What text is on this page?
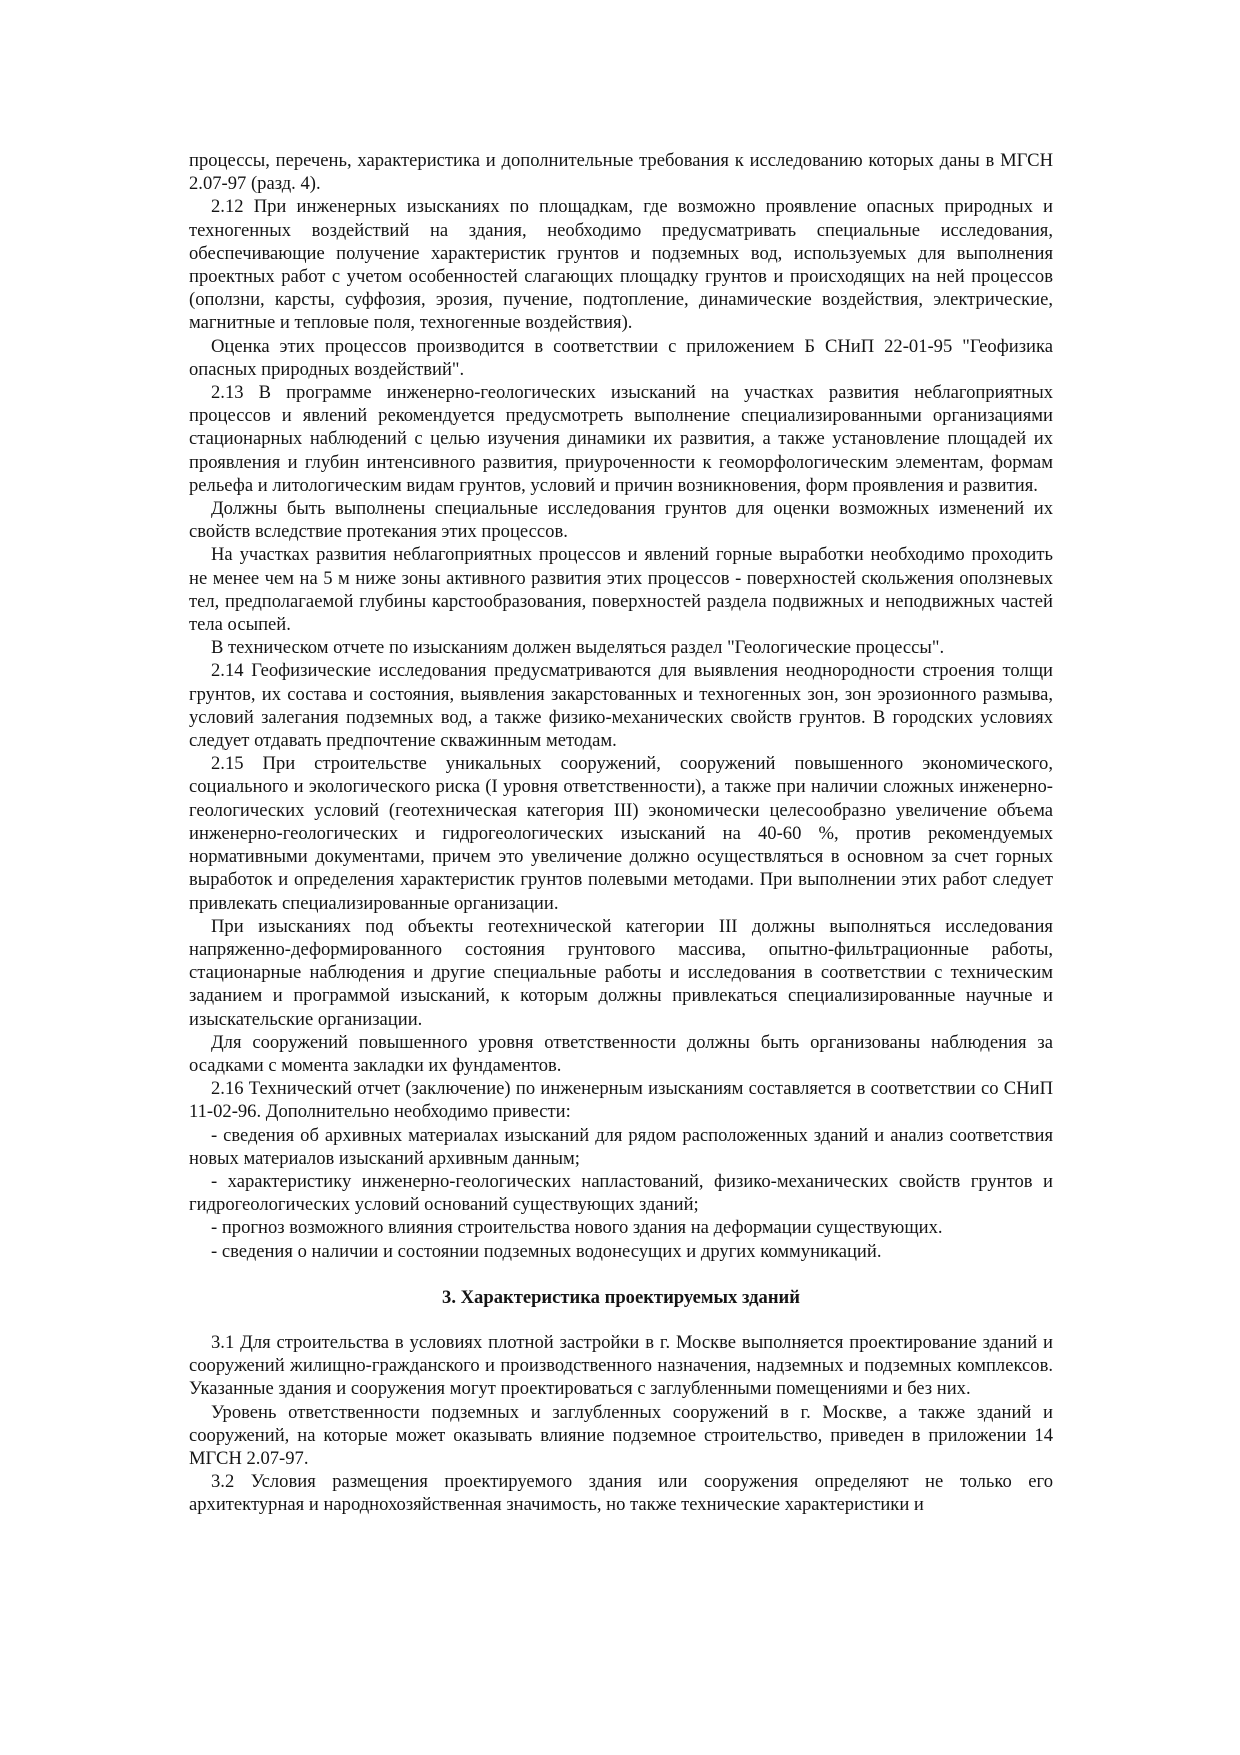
процессы, перечень, характеристика и дополнительные требования к исследованию которых даны в МГСН 2.07-97 (разд. 4).

2.12 При инженерных изысканиях по площадкам, где возможно проявление опасных природных и техногенных воздействий на здания, необходимо предусматривать специальные исследования, обеспечивающие получение характеристик грунтов и подземных вод, используемых для выполнения проектных работ с учетом особенностей слагающих площадку грунтов и происходящих на ней процессов (оползни, карсты, суффозия, эрозия, пучение, подтопление, динамические воздействия, электрические, магнитные и тепловые поля, техногенные воздействия).

Оценка этих процессов производится в соответствии с приложением Б СНиП 22-01-95 "Геофизика опасных природных воздействий".

2.13 В программе инженерно-геологических изысканий на участках развития неблагоприятных процессов и явлений рекомендуется предусмотреть выполнение специализированными организациями стационарных наблюдений с целью изучения динамики их развития, а также установление площадей их проявления и глубин интенсивного развития, приуроченности к геоморфологическим элементам, формам рельефа и литологическим видам грунтов, условий и причин возникновения, форм проявления и развития.

Должны быть выполнены специальные исследования грунтов для оценки возможных изменений их свойств вследствие протекания этих процессов.

На участках развития неблагоприятных процессов и явлений горные выработки необходимо проходить не менее чем на 5 м ниже зоны активного развития этих процессов - поверхностей скольжения оползневых тел, предполагаемой глубины карстообразования, поверхностей раздела подвижных и неподвижных частей тела осыпей.

В техническом отчете по изысканиям должен выделяться раздел "Геологические процессы".

2.14 Геофизические исследования предусматриваются для выявления неоднородности строения толщи грунтов, их состава и состояния, выявления закарстованных и техногенных зон, зон эрозионного размыва, условий залегания подземных вод, а также физико-механических свойств грунтов. В городских условиях следует отдавать предпочтение скважинным методам.

2.15 При строительстве уникальных сооружений, сооружений повышенного экономического, социального и экологического риска (I уровня ответственности), а также при наличии сложных инженерно-геологических условий (геотехническая категория III) экономически целесообразно увеличение объема инженерно-геологических и гидрогеологических изысканий на 40-60 %, против рекомендуемых нормативными документами, причем это увеличение должно осуществляться в основном за счет горных выработок и определения характеристик грунтов полевыми методами. При выполнении этих работ следует привлекать специализированные организации.

При изысканиях под объекты геотехнической категории III должны выполняться исследования напряженно-деформированного состояния грунтового массива, опытно-фильтрационные работы, стационарные наблюдения и другие специальные работы и исследования в соответствии с техническим заданием и программой изысканий, к которым должны привлекаться специализированные научные и изыскательские организации.

Для сооружений повышенного уровня ответственности должны быть организованы наблюдения за осадками с момента закладки их фундаментов.

2.16 Технический отчет (заключение) по инженерным изысканиям составляется в соответствии со СНиП 11-02-96. Дополнительно необходимо привести:

- сведения об архивных материалах изысканий для рядом расположенных зданий и анализ соответствия новых материалов изысканий архивным данным;

- характеристику инженерно-геологических напластований, физико-механических свойств грунтов и гидрогеологических условий оснований существующих зданий;

- прогноз возможного влияния строительства нового здания на деформации существующих.

- сведения о наличии и состоянии подземных водонесущих и других коммуникаций.

3. Характеристика проектируемых зданий

3.1 Для строительства в условиях плотной застройки в г. Москве выполняется проектирование зданий и сооружений жилищно-гражданского и производственного назначения, надземных и подземных комплексов. Указанные здания и сооружения могут проектироваться с заглубленными помещениями и без них.

Уровень ответственности подземных и заглубленных сооружений в г. Москве, а также зданий и сооружений, на которые может оказывать влияние подземное строительство, приведен в приложении 14 МГСН 2.07-97.

3.2 Условия размещения проектируемого здания или сооружения определяют не только его архитектурная и народнохозяйственная значимость, но также технические характеристики и
